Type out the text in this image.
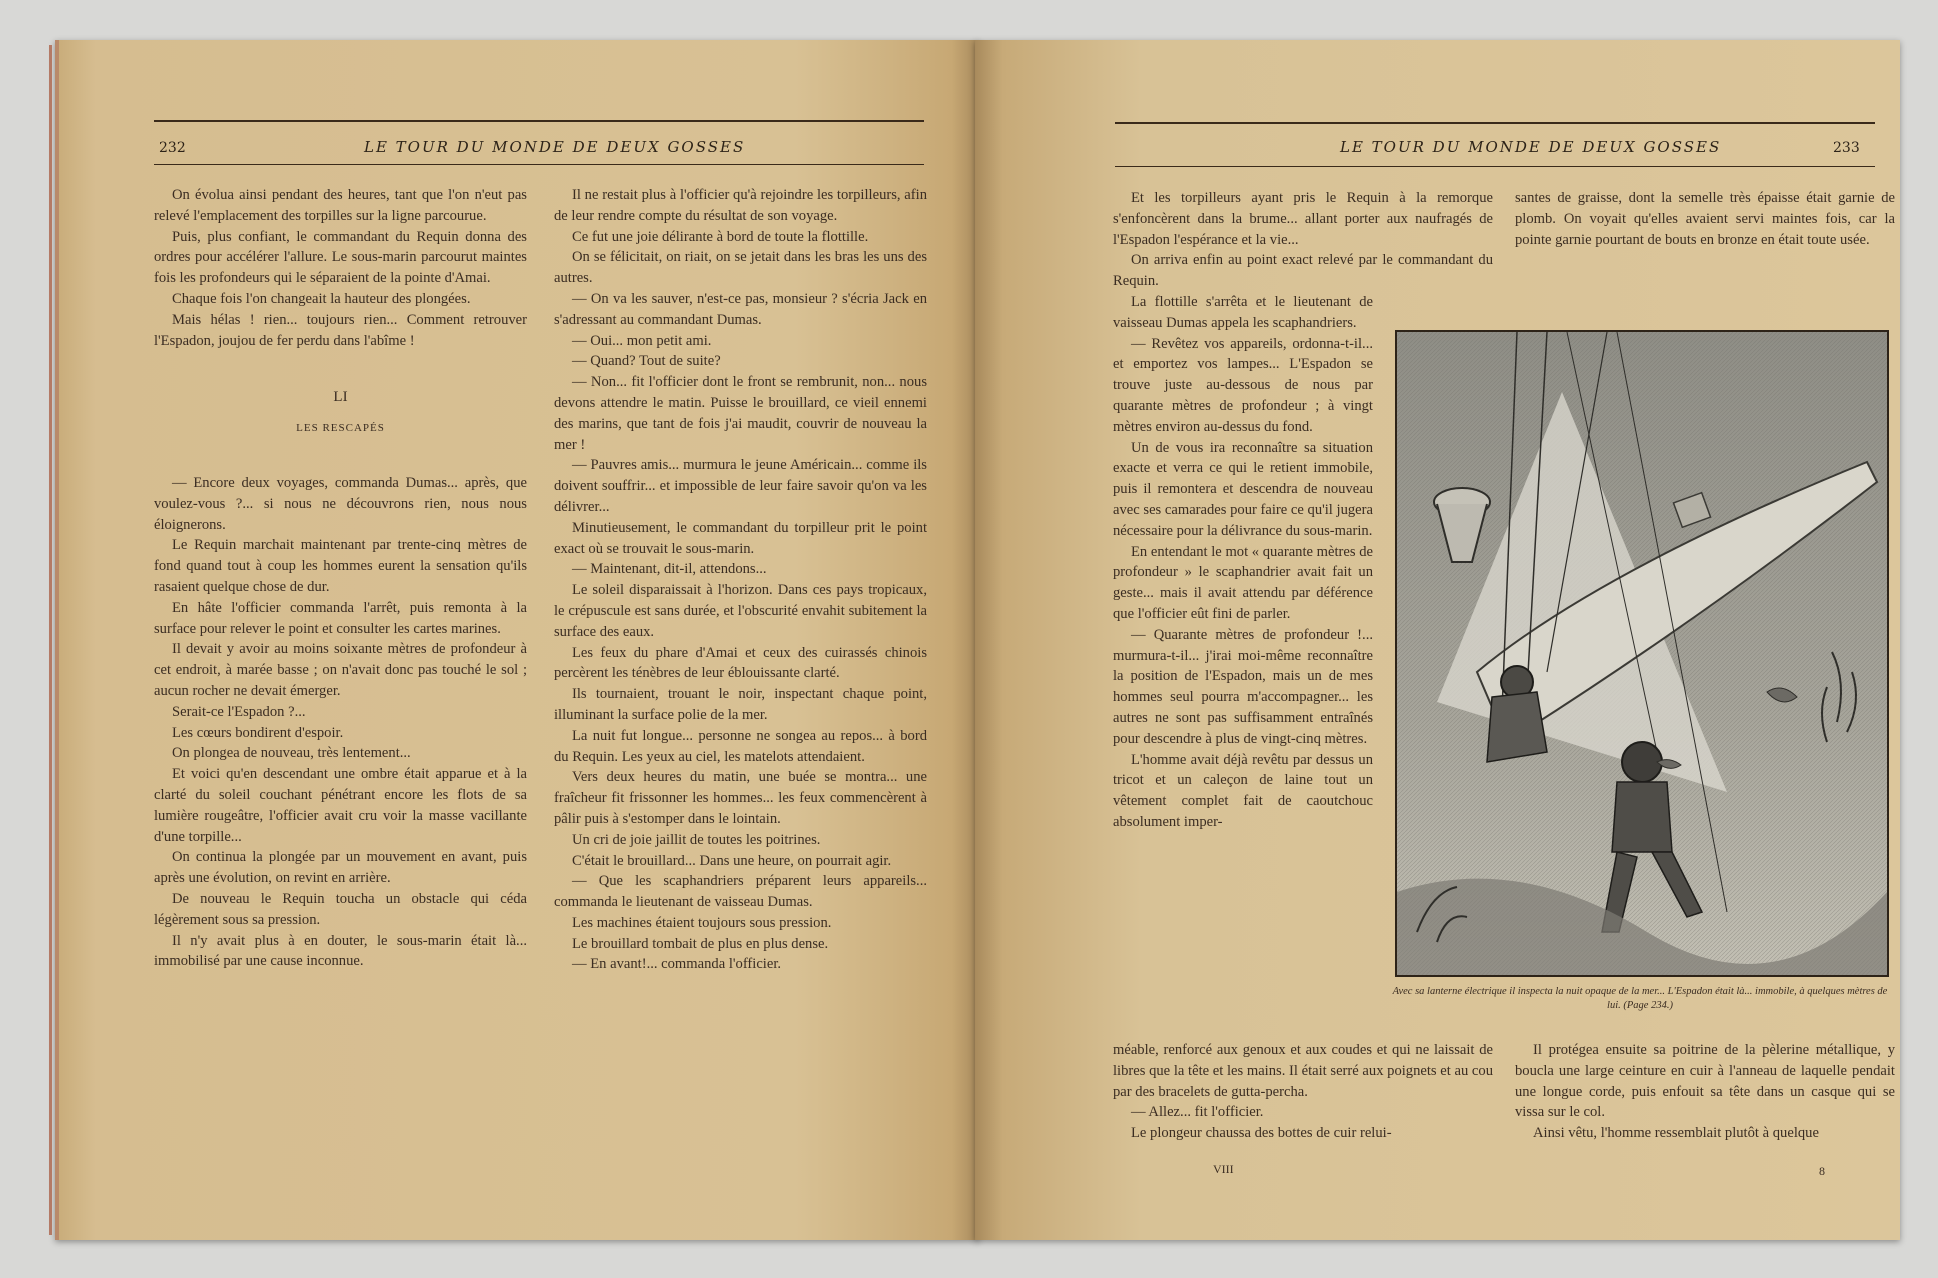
232	LE TOUR DU MONDE DE DEUX GOSSES

On évolua ainsi pendant des heures, tant que l'on n'eut pas relevé l'emplacement des torpilles sur la ligne parcourue.

Puis, plus confiant, le commandant du Requin donna des ordres pour accélérer l'allure. Le sous-marin parcourut maintes fois les profondeurs qui le séparaient de la pointe d'Amai.

Chaque fois l'on changeait la hauteur des plongées.

Mais hélas ! rien... toujours rien... Comment retrouver l'Espadon, joujou de fer perdu dans l'abîme !

LI
LES RESCAPÉS

— Encore deux voyages, commanda Dumas... après, que voulez-vous ?... si nous ne découvrons rien, nous nous éloignerons.

Le Requin marchait maintenant par trente-cinq mètres de fond quand tout à coup les hommes eurent la sensation qu'ils rasaient quelque chose de dur.

En hâte l'officier commanda l'arrêt, puis remonta à la surface pour relever le point et consulter les cartes marines.

Il devait y avoir au moins soixante mètres de profondeur à cet endroit, à marée basse ; on n'avait donc pas touché le sol ; aucun rocher ne devait émerger.

Serait-ce l'Espadon ?...

Les cœurs bondirent d'espoir.

On plongea de nouveau, très lentement...

Et voici qu'en descendant une ombre était apparue et à la clarté du soleil couchant pénétrant encore les flots de sa lumière rougeâtre, l'officier avait cru voir la masse vacillante d'une torpille...

On continua la plongée par un mouvement en avant, puis après une évolution, on revint en arrière.

De nouveau le Requin toucha un obstacle qui céda légèrement sous sa pression.

Il n'y avait plus à en douter, le sous-marin était là... immobilisé par une cause inconnue.

Il ne restait plus à l'officier qu'à rejoindre les torpilleurs, afin de leur rendre compte du résultat de son voyage.

Ce fut une joie délirante à bord de toute la flottille.

On se félicitait, on riait, on se jetait dans les bras les uns des autres.

— On va les sauver, n'est-ce pas, monsieur ? s'écria Jack en s'adressant au commandant Dumas.

— Oui... mon petit ami.

— Quand? Tout de suite?

— Non... fit l'officier dont le front se rembrunit, non... nous devons attendre le matin. Puisse le brouillard, ce vieil ennemi des marins, que tant de fois j'ai maudit, couvrir de nouveau la mer !

— Pauvres amis... murmura le jeune Américain... comme ils doivent souffrir... et impossible de leur faire savoir qu'on va les délivrer...

Minutieusement, le commandant du torpilleur prit le point exact où se trouvait le sous-marin.

— Maintenant, dit-il, attendons...

Le soleil disparaissait à l'horizon. Dans ces pays tropicaux, le crépuscule est sans durée, et l'obscurité envahit subitement la surface des eaux.

Les feux du phare d'Amai et ceux des cuirassés chinois percèrent les ténèbres de leur éblouissante clarté.

Ils tournaient, trouant le noir, inspectant chaque point, illuminant la surface polie de la mer.

La nuit fut longue... personne ne songea au repos... à bord du Requin. Les yeux au ciel, les matelots attendaient.

Vers deux heures du matin, une buée se montra... une fraîcheur fit frissonner les hommes... les feux commencèrent à pâlir puis à s'estomper dans le lointain.

Un cri de joie jaillit de toutes les poitrines.

C'était le brouillard... Dans une heure, on pourrait agir.

— Que les scaphandriers préparent leurs appareils... commanda le lieutenant de vaisseau Dumas.

Les machines étaient toujours sous pression.

Le brouillard tombait de plus en plus dense.

— En avant!... commanda l'officier.

LE TOUR DU MONDE DE DEUX GOSSES	233

Et les torpilleurs ayant pris le Requin à la remorque s'enfoncèrent dans la brume... allant porter aux naufragés de l'Espadon l'espérance et la vie...

On arriva enfin au point exact relevé par le commandant du Requin.

La flottille s'arrêta et le lieutenant de vaisseau Dumas appela les scaphandriers.

— Revêtez vos appareils, ordonna-t-il... et emportez vos lampes... L'Espadon se trouve juste au-dessous de nous par quarante mètres de profondeur ; à vingt mètres environ au-dessus du fond.

Un de vous ira reconnaître sa situation exacte et verra ce qui le retient immobile, puis il remontera et descendra de nouveau avec ses camarades pour faire ce qu'il jugera nécessaire pour la délivrance du sous-marin.

En entendant le mot « quarante mètres de profondeur » le scaphandrier avait fait un geste... mais il avait attendu par déférence que l'officier eût fini de parler.

— Quarante mètres de profondeur !... murmura-t-il... j'irai moi-même reconnaître la position de l'Espadon, mais un de mes hommes seul pourra m'accompagner... les autres ne sont pas suffisamment entraînés pour descendre à plus de vingt-cinq mètres.

L'homme avait déjà revêtu par dessus un tricot et un caleçon de laine tout un vêtement complet fait de caoutchouc absolument imper-

méable, renforcé aux genoux et aux coudes et qui ne laissait de libres que la tête et les mains. Il était serré aux poignets et au cou par des bracelets de gutta-percha.

— Allez... fit l'officier.

Le plongeur chaussa des bottes de cuir relui-

santes de graisse, dont la semelle très épaisse était garnie de plomb. On voyait qu'elles avaient servi maintes fois, car la pointe garnie pourtant de bouts en bronze en était toute usée.

Il protégea ensuite sa poitrine de la pèlerine métallique, y boucla une large ceinture en cuir à l'anneau de laquelle pendait une longue corde, puis enfouit sa tête dans un casque qui se vissa sur le col.

Ainsi vêtu, l'homme ressemblait plutôt à quelque

VIII	8
Avec sa lanterne électrique il inspecta la nuit opaque de la mer... L'Espadon était là... immobile, à quelques mètres de lui. (Page 234.)
